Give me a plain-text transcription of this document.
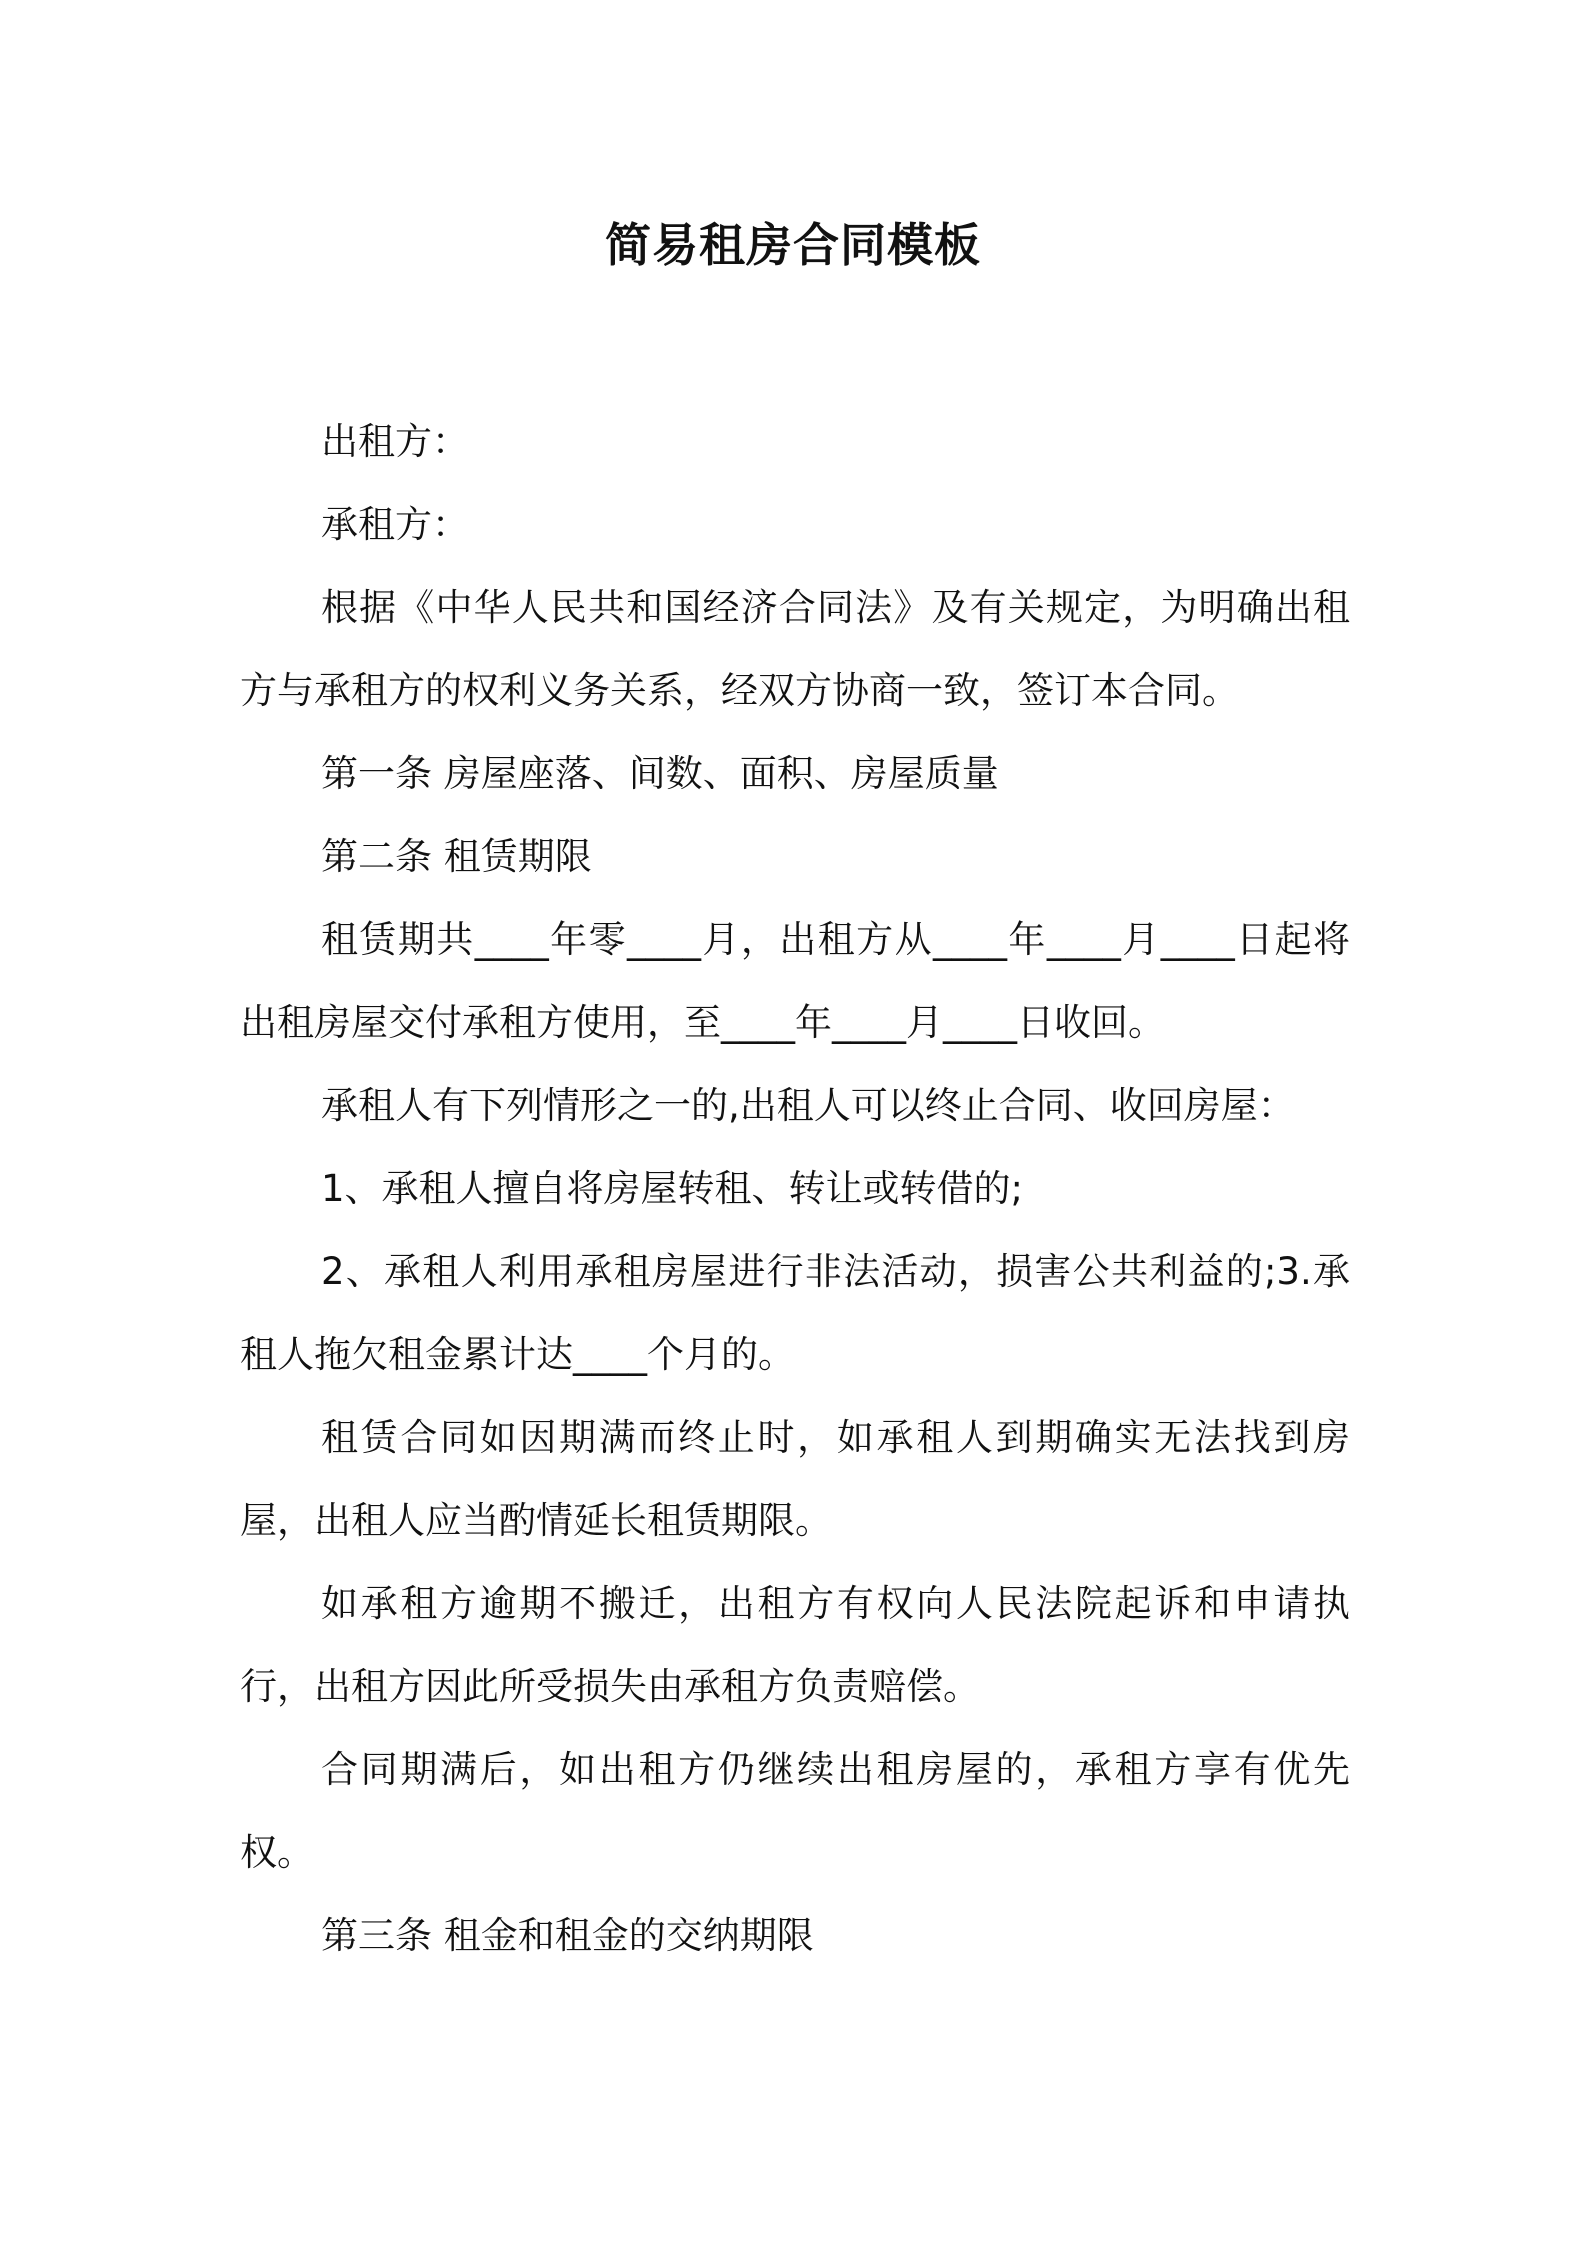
简易租房合同模板

出租方：

承租方：

根据《中华人民共和国经济合同法》及有关规定，为明确出租方与承租方的权利义务关系，经双方协商一致，签订本合同。

第一条 房屋座落、间数、面积、房屋质量

第二条 租赁期限

租赁期共____年零____月，出租方从____年____月____日起将出租房屋交付承租方使用，至____年____月____日收回。

承租人有下列情形之一的,出租人可以终止合同、收回房屋：

1、承租人擅自将房屋转租、转让或转借的;

2、承租人利用承租房屋进行非法活动，损害公共利益的;3.承租人拖欠租金累计达____个月的。

租赁合同如因期满而终止时，如承租人到期确实无法找到房屋，出租人应当酌情延长租赁期限。

如承租方逾期不搬迁，出租方有权向人民法院起诉和申请执行，出租方因此所受损失由承租方负责赔偿。

合同期满后，如出租方仍继续出租房屋的，承租方享有优先权。

第三条 租金和租金的交纳期限
